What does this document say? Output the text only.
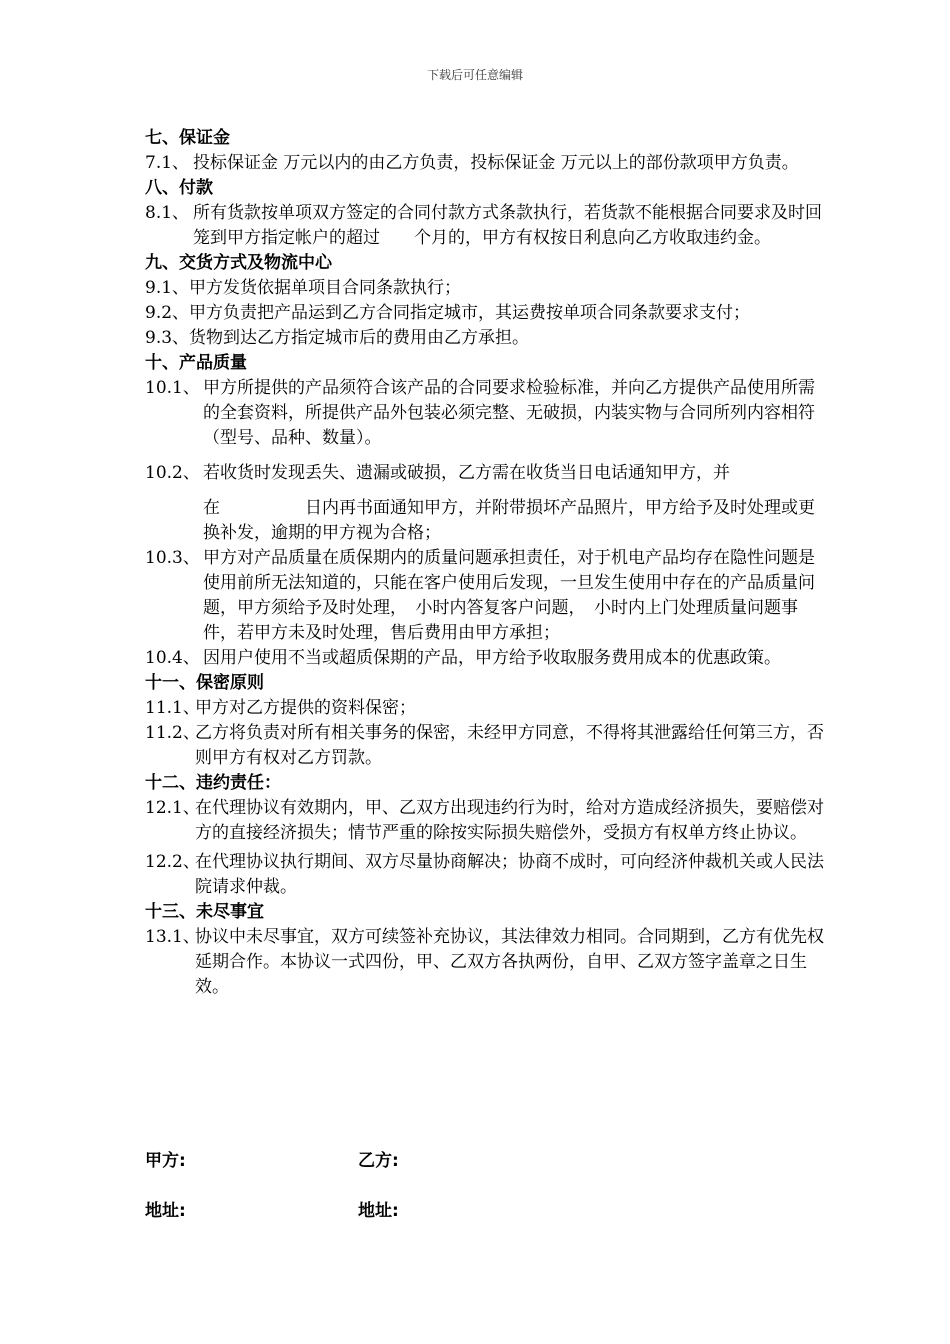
下载后可任意编辑
七、保证金
7.1、 投标保证金 万元以内的由乙方负责，投标保证金 万元以上的部份款项甲方负责。
八、付款
8.1、 所有货款按单项双方签定的合同付款方式条款执行，若货款不能根据合同要求及时回笼到甲方指定帐户的超过　　个月的，甲方有权按日利息向乙方收取违约金。
九、交货方式及物流中心
9.1、 甲方发货依据单项目合同条款执行；
9.2、 甲方负责把产品运到乙方合同指定城市，其运费按单项合同条款要求支付；
9.3、 货物到达乙方指定城市后的费用由乙方承担。
十、产品质量
10.1、 甲方所提供的产品须符合该产品的合同要求检验标准，并向乙方提供产品使用所需的全套资料，所提供产品外包装必须完整、无破损，内装实物与合同所列内容相符（型号、品种、数量）。
10.2、 若收货时发现丢失、遗漏或破损，乙方需在收货当日电话通知甲方，并
在　　　　　日内再书面通知甲方，并附带损坏产品照片，甲方给予及时处理或更换补发，逾期的甲方视为合格；
10.3、 甲方对产品质量在质保期内的质量问题承担责任，对于机电产品均存在隐性问题是使用前所无法知道的，只能在客户使用后发现，一旦发生使用中存在的产品质量问题，甲方须给予及时处理，　小时内答复客户问题，　小时内上门处理质量问题事件，若甲方未及时处理，售后费用由甲方承担；
10.4、 因用户使用不当或超质保期的产品，甲方给予收取服务费用成本的优惠政策。
十一、保密原则
11.1、
甲方对乙方提供的资料保密；
11.2、
乙方将负责对所有相关事务的保密，未经甲方同意，不得将其泄露给任何第三方，否则甲方有权对乙方罚款。
十二、违约责任：
12.1、
在代理协议有效期内，甲、乙双方出现违约行为时，给对方造成经济损失，要赔偿对方的直接经济损失；情节严重的除按实际损失赔偿外，受损方有权单方终止协议。
12.2、
在代理协议执行期间、双方尽量协商解决；协商不成时，可向经济仲裁机关或人民法院请求仲裁。
十三、未尽事宜
13.1、
协议中未尽事宜，双方可续签补充协议，其法律效力相同。合同期到，乙方有优先权延期合作。本协议一式四份，甲、乙双方各执两份，自甲、乙双方签字盖章之日生效。
甲方:	乙方:
地址:	地址:
